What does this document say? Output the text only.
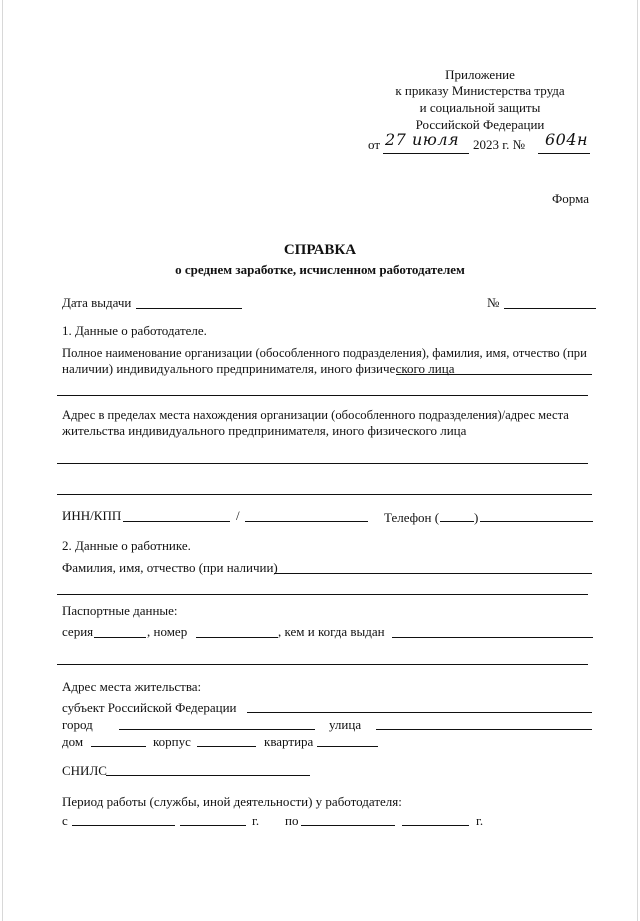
Приложение
к приказу Министерства труда
и социальной защиты
Российской Федерации
от 27 июля 2023 г. № 604н
Форма
СПРАВКА
о среднем заработке, исчисленном работодателем
Дата выдачи	№
1. Данные о работодателе.
Полное наименование организации (обособленного подразделения), фамилия, имя, отчество (при
наличии) индивидуального предпринимателя, иного физического лица
Адрес в пределах места нахождения организации (обособленного подразделения)/адрес места
жительства индивидуального предпринимателя, иного физического лица
ИНН/КПП	/	Телефон (	)
2. Данные о работнике.
Фамилия, имя, отчество (при наличии)
Паспортные данные:
серия	, номер	, кем и когда выдан
Адрес места жительства:
субъект Российской Федерации
город	улица
дом	корпус	квартира
СНИЛС
Период работы (службы, иной деятельности) у работодателя:
с	г. по	г.
